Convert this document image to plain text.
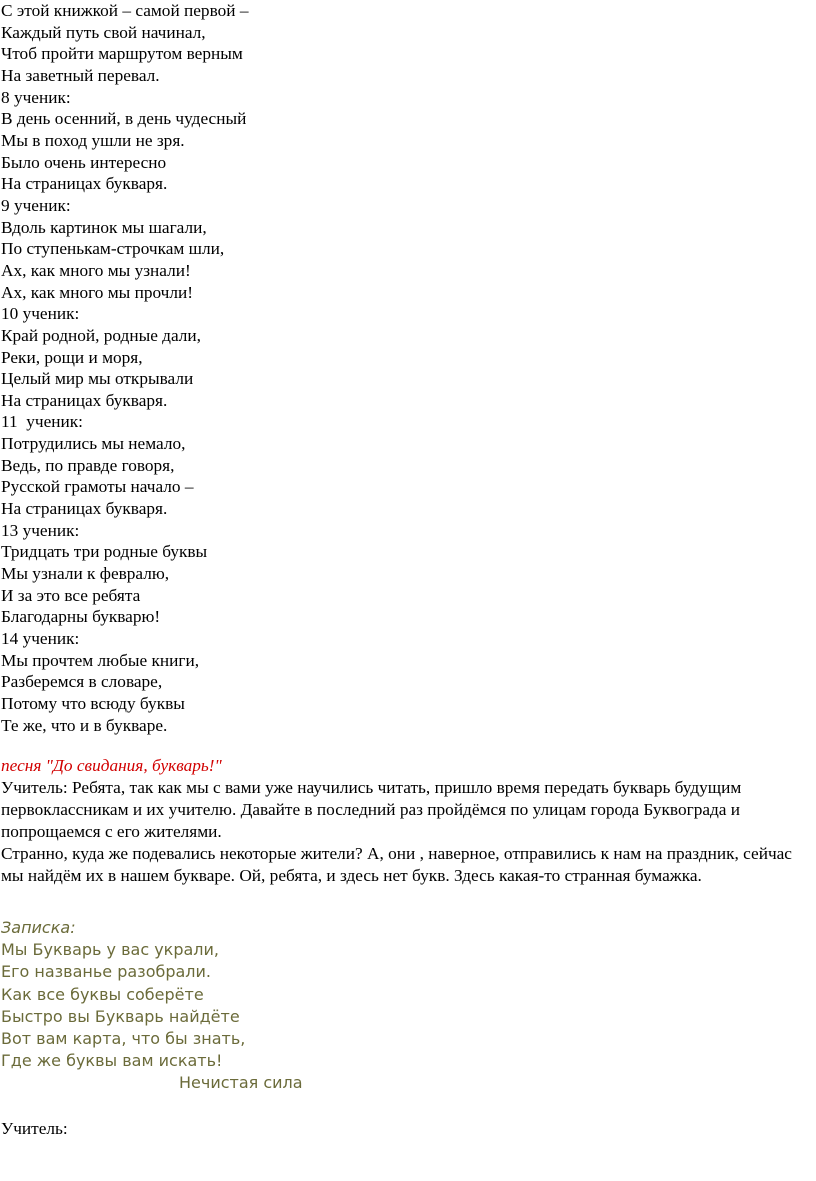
С этой книжкой – самой первой –
Каждый путь свой начинал,
Чтоб пройти маршрутом верным
На заветный перевал.
8 ученик:
В день осенний, в день чудесный
Мы в поход ушли не зря.
Было очень интересно
На страницах букваря.
9 ученик:
Вдоль картинок мы шагали,
По ступенькам-строчкам шли,
Ах, как много мы узнали!
Ах, как много мы прочли!
10 ученик:
Край родной, родные дали,
Реки, рощи и моря,
Целый мир мы открывали
На страницах букваря.
11  ученик:
Потрудились мы немало,
Ведь, по правде говоря,
Русской грамоты начало –
На страницах букваря.
13 ученик:
Тридцать три родные буквы
Мы узнали к февралю,
И за это все ребята
Благодарны букварю!
14 ученик:
Мы прочтем любые книги,
Разберемся в словаре,
Потому что всюду буквы
Те же, что и в букваре.
песня "До свидания, букварь!"

Учитель: Ребята, так как мы с вами уже научились читать, пришло время передать букварь будущим первоклассникам и их учителю. Давайте в последний раз пройдёмся по улицам города Буквограда и попрощаемся с его жителями.

Странно, куда же подевались некоторые жители? А, они , наверное, отправились к нам на праздник, сейчас мы найдём их в нашем букваре. Ой, ребята, и здесь нет букв. Здесь какая-то странная бумажка.

Записка:
Мы Букварь у вас украли,
Его названье разобрали.
Как все буквы соберёте
Быстро вы Букварь найдёте
Вот вам карта, что бы знать,
Где же буквы вам искать!
Нечистая сила
Учитель:
